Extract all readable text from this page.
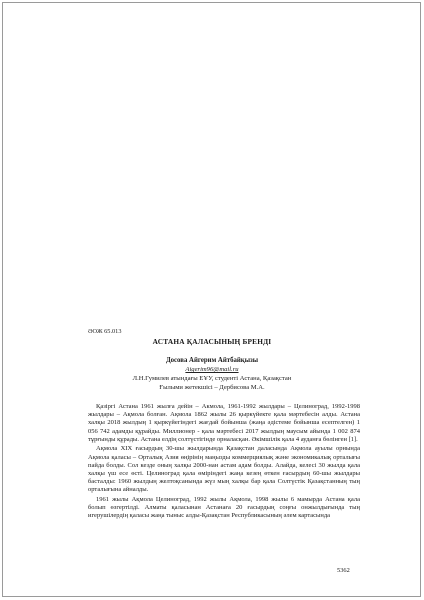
ӘОЖ 65.013
АСТАНА ҚАЛАСЫНЫҢ БРЕНДІ
Досова Айгерим Айтбайқызы
Aigerim96@mail.ru
Л.Н.Гумилев атындағы ЕҰУ, студенті Астана, Қазақстан
Ғылыми жетекшісі – Дербисова М.А.

Қазіргі Астана 1961 жылға дейін – Акмола, 1961-1992 жылдары – Целиноград, 1992-1998 жылдары – Ақмола болған. Ақмола 1862 жылы 26 қыркүйекте қала мәртебесін алды. Астана халқы 2018 жылдың 1 қыркүйегіндегі жағдай бойынша (жаңа әдістеме бойынша есептелген) 1 056 742 адамды құрайды. Миллионер - қала мәртебесі 2017 жылдың маусым айында 1 002 874 тұрғынды құрады. Астана елдің солтүстігінде орналасқан. Әкімшілік қала 4 ауданға бөлінген [1].

Ақмола XIX ғасырдың 30-шы жылдарында Қазақстан даласында Ақмола ауылы орнында Ақмола қаласы – Орталық Азия өңірінің маңызды коммерциялық және экономикалық орталығы пайда болды. Сол кезде оның халқы 2000-нан астам адам болды. Алайда, келесі 30 жылда қала халқы үш есе өсті. Целиноград қала өміріндегі жаңа кезең өткен ғасырдың 60-шы жылдары басталды: 1960 жылдың желтоқсанында жүз мың халқы бар қала Солтүстік Қазақстанның тың орталығына айналды.

1961 жылы Ақмола Целиноград, 1992 жылы Ақмола, 1998 жылы 6 мамырда Астана қала болып өзгертілді. Алматы қаласынан Астанаға 20 ғасырдың соңғы онжылдығында тың игерушілердің қаласы жаңа тыныс алды-Қазақстан Республикасының әлем картасында

5362
